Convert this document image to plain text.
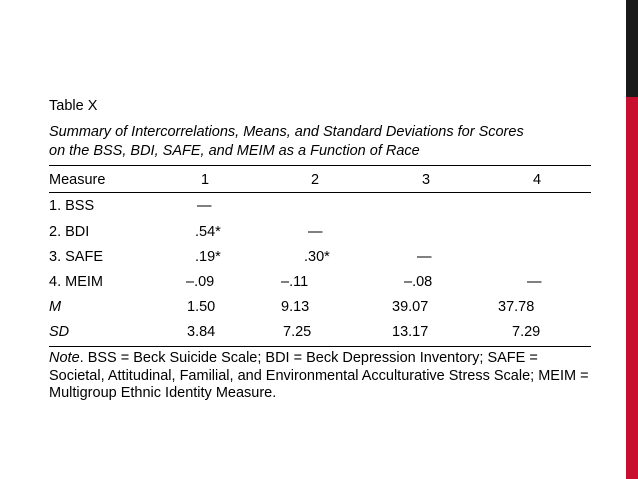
Table X
Summary of Intercorrelations, Means, and Standard Deviations for Scores
on the BSS, BDI, SAFE, and MEIM as a Function of Race
Measure	1	2	3	4
1. BSS	—
2. BDI	.54*	—
3. SAFE	.19*	.30*	—
4. MEIM	–.09	–.11	–.08	—
M	1.50	9.13	39.07	37.78
SD	3.84	7.25	13.17	7.29
Note. BSS = Beck Suicide Scale; BDI = Beck Depression Inventory; SAFE = Societal, Attitudinal, Familial, and Environmental Acculturative Stress Scale; MEIM = Multigroup Ethnic Identity Measure.
